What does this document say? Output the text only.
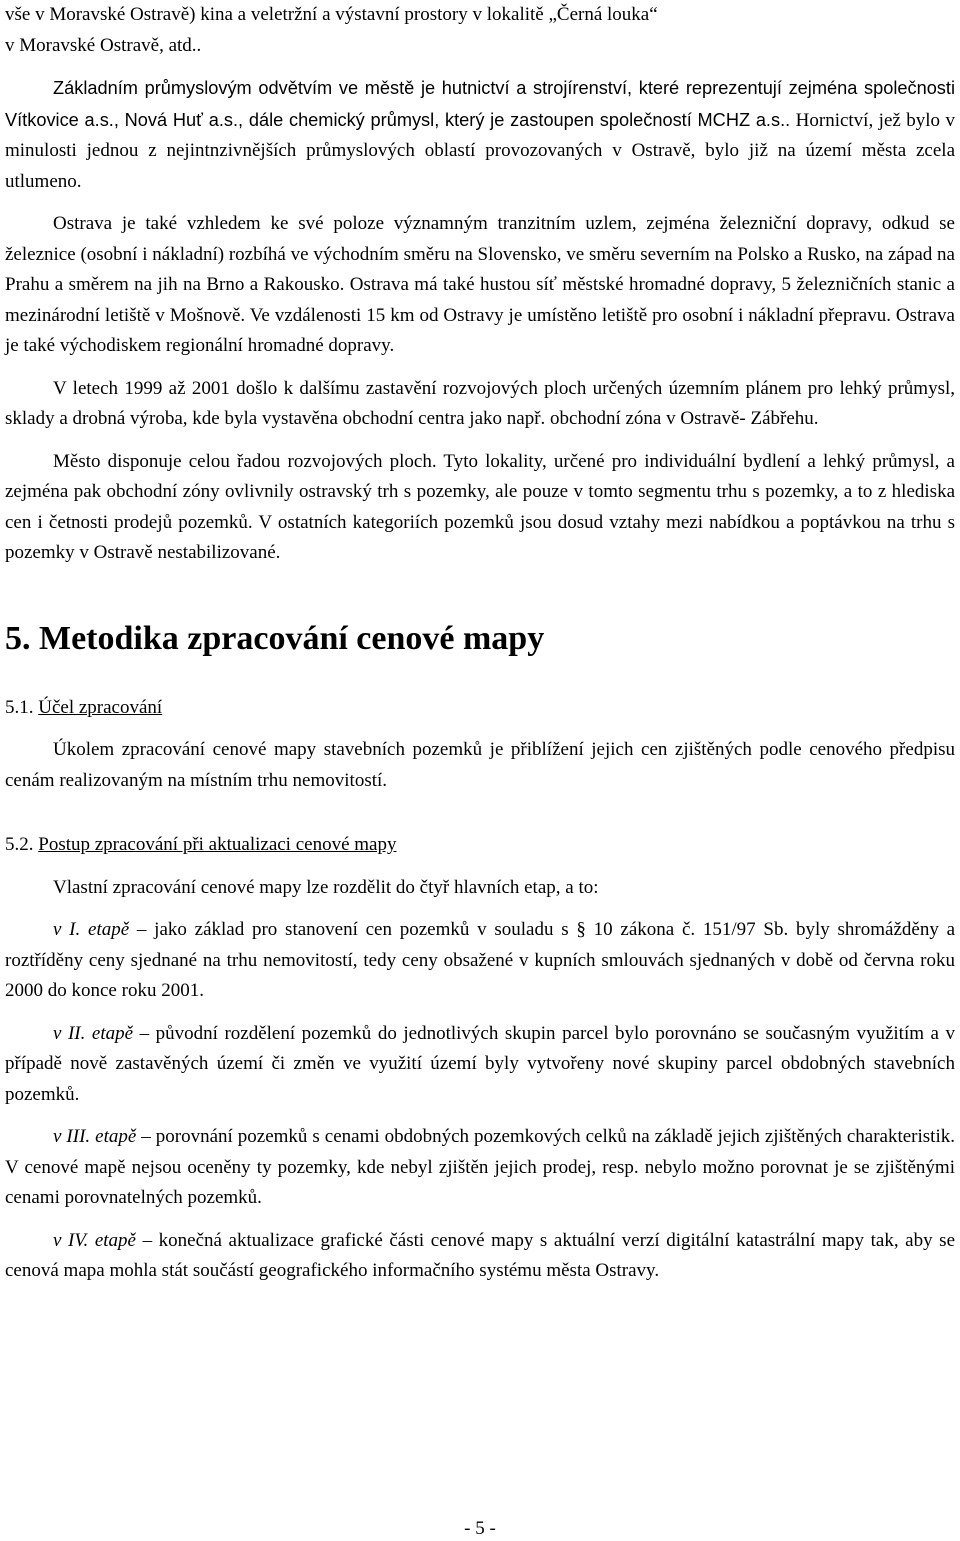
vše v Moravské Ostravě) kina a veletržní a výstavní prostory v lokalitě „Černá louka“

v Moravské Ostravě, atd..

Základním průmyslovým odvětvím ve městě je hutnictví a strojírenství, které reprezentují zejména společnosti Vítkovice a.s., Nová Huť a.s., dále chemický průmysl, který je zastoupen společností MCHZ a.s.. Hornictví, jež bylo v minulosti jednou z nejintnzivnějších průmyslových oblastí provozovaných v Ostravě, bylo již na území města zcela utlumeno.

Ostrava je také vzhledem ke své poloze významným tranzitním uzlem, zejména železniční dopravy, odkud se železnice (osobní i nákladní) rozbíhá ve východním směru na Slovensko, ve směru severním na Polsko a Rusko, na západ na Prahu a směrem na jih na Brno a Rakousko. Ostrava má také hustou síť městské hromadné dopravy, 5 železničních stanic a mezinárodní letiště v Mošnově. Ve vzdálenosti 15 km od Ostravy je umístěno letiště pro osobní i nákladní přepravu. Ostrava je také východiskem regionální hromadné dopravy.

V letech 1999 až 2001 došlo k dalšímu zastavění rozvojových ploch určených územním plánem pro lehký průmysl, sklady a drobná výroba, kde byla vystavěna obchodní centra jako např. obchodní zóna v Ostravě- Zábřehu.

Město disponuje celou řadou rozvojových ploch. Tyto lokality, určené pro individuální bydlení a lehký průmysl, a zejména pak obchodní zóny ovlivnily ostravský trh s pozemky, ale pouze v tomto segmentu trhu s pozemky, a to z hlediska cen i četnosti prodejů pozemků. V ostatních kategoriích pozemků jsou dosud vztahy mezi nabídkou a poptávkou na trhu s pozemky v Ostravě nestabilizované.

5. Metodika zpracování cenové mapy

5.1. Účel zpracování

Úkolem zpracování cenové mapy stavebních pozemků je přiblížení jejich cen zjištěných podle cenového předpisu cenám realizovaným na místním trhu nemovitostí.

5.2. Postup zpracování při aktualizaci cenové mapy

Vlastní zpracování cenové mapy lze rozdělit do čtyř hlavních etap, a to:

v I. etapě – jako základ pro stanovení cen pozemků v souladu s § 10 zákona č. 151/97 Sb. byly shromážděny a roztříděny ceny sjednané na trhu nemovitostí, tedy ceny obsažené v kupních smlouvách sjednaných v době od června roku 2000 do konce roku 2001.

v II. etapě – původní rozdělení pozemků do jednotlivých skupin parcel bylo porovnáno se současným využitím a v případě nově zastavěných území či změn ve využití území byly vytvořeny nové skupiny parcel obdobných stavebních pozemků.

v III. etapě – porovnání pozemků s cenami obdobných pozemkových celků na základě jejich zjištěných charakteristik. V cenové mapě nejsou oceněny ty pozemky, kde nebyl zjištěn jejich prodej, resp. nebylo možno porovnat je se zjištěnými cenami porovnatelných pozemků.

v IV. etapě – konečná aktualizace grafické části cenové mapy s aktuální verzí digitální katastrální mapy tak, aby se cenová mapa mohla stát součástí geografického informačního systému města Ostravy.

- 5 -
